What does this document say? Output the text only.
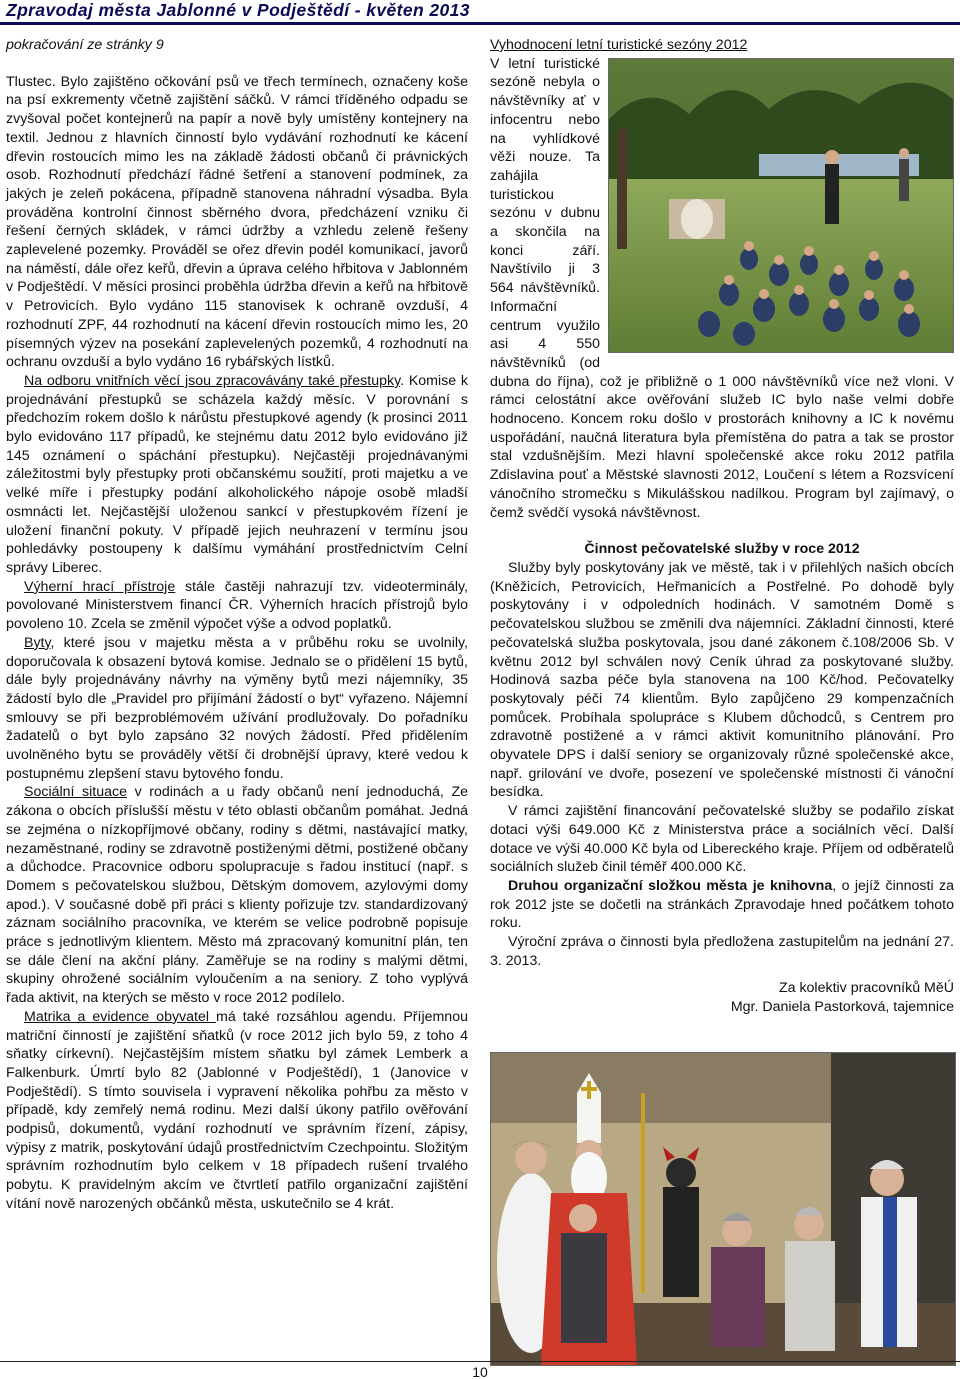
Zpravodaj města Jablonné v Podještědí - květen 2013

pokračování ze stránky 9

Tlustec. Bylo zajištěno očkování psů ve třech termínech, označeny koše na psí exkrementy včetně zajištění sáčků. V rámci tříděného odpadu se zvyšoval počet kontejnerů na papír a nově byly umístěny kontejnery na textil. Jednou z hlavních činností bylo vydávání rozhodnutí ke kácení dřevin rostoucích mimo les na základě žádosti občanů či právnických osob. Rozhodnutí předchází řádné šetření a stanovení podmínek, za jakých je zeleň pokácena, případně stanovena náhradní výsadba. Byla prováděna kontrolní činnost sběrného dvora, předcházení vzniku či řešení černých skládek, v rámci údržby a vzhledu zeleně řešeny zaplevelené pozemky. Prováděl se ořez dřevin podél komunikací, javorů na náměstí, dále ořez keřů, dřevin a úprava celého hřbitova v Jablonném v Podještědí. V měsíci prosinci proběhla údržba dřevin a keřů na hřbitově v Petrovicích. Bylo vydáno 115 stanovisek k ochraně ovzduší, 4 rozhodnutí ZPF, 44 rozhodnutí na kácení dřevin rostoucích mimo les, 20 písemných výzev na posekání zaplevelených pozemků, 4 rozhodnutí na ochranu ovzduší a bylo vydáno 16 rybářských lístků.

Na odboru vnitřních věcí jsou zpracovávány také přestupky. Komise k projednávání přestupků se scházela každý měsíc. V porovnání s předchozím rokem došlo k nárůstu přestupkové agendy (k prosinci 2011 bylo evidováno 117 případů, ke stejnému datu 2012 bylo evidováno již 145 oznámení o spáchání přestupku). Nejčastěji projednávanými záležitostmi byly přestupky proti občanskému soužití, proti majetku a ve velké míře i přestupky podání alkoholického nápoje osobě mladší osmnácti let. Nejčastější uloženou sankcí v přestupkovém řízení je uložení finanční pokuty. V případě jejich neuhrazení v termínu jsou pohledávky postoupeny k dalšímu vymáhání prostřednictvím Celní správy Liberec.

Výherní hrací přístroje stále častěji nahrazují tzv. videoterminály, povolované Ministerstvem financí ČR. Výherních hracích přístrojů bylo povoleno 10. Zcela se změnil výpočet výše a odvod poplatků.

Byty, které jsou v majetku města a v průběhu roku se uvolnily, doporučovala k obsazení bytová komise. Jednalo se o přidělení 15 bytů, dále byly projednávány návrhy na výměny bytů mezi nájemníky, 35 žádostí bylo dle „Pravidel pro přijímání žádostí o byt“ vyřazeno. Nájemní smlouvy se při bezproblémovém užívání prodlužovaly. Do pořadníku žadatelů o byt bylo zapsáno 32 nových žádostí. Před přidělením uvolněného bytu se prováděly větší či drobnější úpravy, které vedou k postupnému zlepšení stavu bytového fondu.

Sociální situace v rodinách a u řady občanů není jednoduchá, Ze zákona o obcích příslušší městu v této oblasti občanům pomáhat. Jedná se zejména o nízkopříjmové občany, rodiny s dětmi, nastávající matky, nezaměstnané, rodiny se zdravotně postiženými dětmi, postižené občany a důchodce. Pracovnice odboru spolupracuje s řadou institucí (např. s Domem s pečovatelskou službou, Dětským domovem, azylovými domy apod.). V současné době při práci s klienty pořizuje tzv. standardizovaný záznam sociálního pracovníka, ve kterém se velice podrobně popisuje práce s jednotlivým klientem. Město má zpracovaný komunitní plán, ten se dále člení na akční plány. Zaměřuje se na rodiny s malými dětmi, skupiny ohrožené sociálním vyloučením a na seniory. Z toho vyplývá řada aktivit, na kterých se město v roce 2012 podílelo.

Matrika a evidence obyvatel má také rozsáhlou agendu. Příjemnou matriční činností je zajištění sňatků (v roce 2012 jich bylo 59, z toho 4 sňatky církevní). Nejčastějším místem sňatku byl zámek Lemberk a Falkenburk. Úmrtí bylo 82 (Jablonné v Podještědí), 1 (Janovice v Podještědí). S tímto souvisela i vypravení několika pohřbu za město v případě, kdy zemřelý nemá rodinu. Mezi další úkony patřilo ověřování podpisů, dokumentů, vydání rozhodnutí ve správním řízení, zápisy, výpisy z matrik, poskytování údajů prostřednictvím Czechpointu. Složitým správním rozhodnutím bylo celkem v 18 případech rušení trvalého pobytu. K pravidelným akcím ve čtvrtletí patřilo organizační zajištění vítání nově narozených občánků města, uskutečnilo se 4 krát.

Vyhodnocení letní turistické sezóny 2012

V letní turistické sezóně nebyla o návštěvníky ať v infocentru nebo na vyhlídkové věži nouze. Ta zahájila turistickou sezónu v dubnu a skončila na konci září. Navštívilo ji 3 564 návštěvníků. Informační centrum využilo asi 4 550 návštěvníků (od dubna do října), což je přibližně o 1 000 návštěvníků více než vloni. V rámci celostátní akce ověřování služeb IC bylo naše velmi dobře hodnoceno. Koncem roku došlo v prostorách knihovny a IC k novému uspořádání, naučná literatura byla přemístěna do patra a tak se prostor stal vzdušnějším. Mezi hlavní společenské akce roku 2012 patřila Zdislavina pouť a Městské slavnosti 2012, Loučení s létem a Rozsvícení vánočního stromečku s Mikulášskou nadílkou. Program byl zajímavý, o čemž svědčí vysoká návštěvnost.

Činnost pečovatelské služby v roce 2012

Služby byly poskytovány jak ve městě, tak i v přilehlých našich obcích (Kněžicích, Petrovicích, Heřmanicích a Postřelné. Po dohodě byly poskytovány i v odpoledních hodinách. V samotném Domě s pečovatelskou službou se změnili dva nájemníci. Základní činnosti, které pečovatelská služba poskytovala, jsou dané zákonem č.108/2006 Sb. V květnu 2012 byl schválen nový Ceník úhrad za poskytované služby. Hodinová sazba péče byla stanovena na 100 Kč/hod. Pečovatelky poskytovaly péči 74 klientům. Bylo zapůjčeno 29 kompenzačních pomůcek. Probíhala spolupráce s Klubem důchodců, s Centrem pro zdravotně postižené a v rámci aktivit komunitního plánování. Pro obyvatele DPS i další seniory se organizovaly různé společenské akce, např. grilování ve dvoře, posezení ve společenské místnosti či vánoční besídka.

V rámci zajištění financování pečovatelské služby se podařilo získat dotaci výši 649.000 Kč z Ministerstva práce a sociálních věcí. Další dotace ve výši 40.000 Kč byla od Libereckého kraje. Příjem od odběratelů sociálních služeb činil téměř 400.000 Kč.

Druhou organizační složkou města je knihovna, o jejíž činnosti za rok 2012 jste se dočetli na stránkách Zpravodaje hned počátkem tohoto roku.

Výroční zpráva o činnosti byla předložena zastupitelům na jednání 27. 3. 2013.

Za kolektiv pracovníků MěÚ

Mgr. Daniela Pastorková, tajemnice

10
